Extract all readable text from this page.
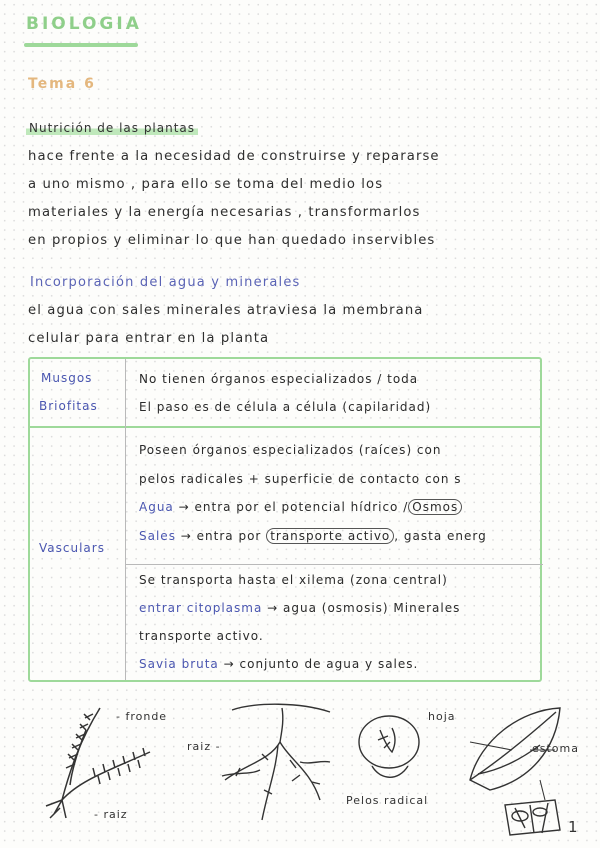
BIOLOGIA
Tema 6
Nutrición de las plantas
hace frente a la necesidad de construirse y repararse
a uno mismo , para ello se toma del medio los
materiales y la energía necesarias , transformarlos
en propios y eliminar lo que han quedado inservibles
Incorporación del agua y minerales
el agua con sales minerales atraviesa la membrana
celular para entrar en la planta
Musgos
Briofitas
No tienen órganos especializados / toda
El paso es de célula a célula (capilaridad)
Vasculars
Poseen órganos especializados (raíces) con
pelos radicales + superficie de contacto con s
Agua → entra por el potencial hídrico / Osmos
Sales → entra por transporte activo , gasta energ
Se transporta hasta el xilema (zona central)
entrar citoplasma → agua (osmosis) Minerales
transporte activo.
Savia bruta → conjunto de agua y sales.
- fronde
- raiz
raiz -
Pelos radical
hoja
estoma
1
